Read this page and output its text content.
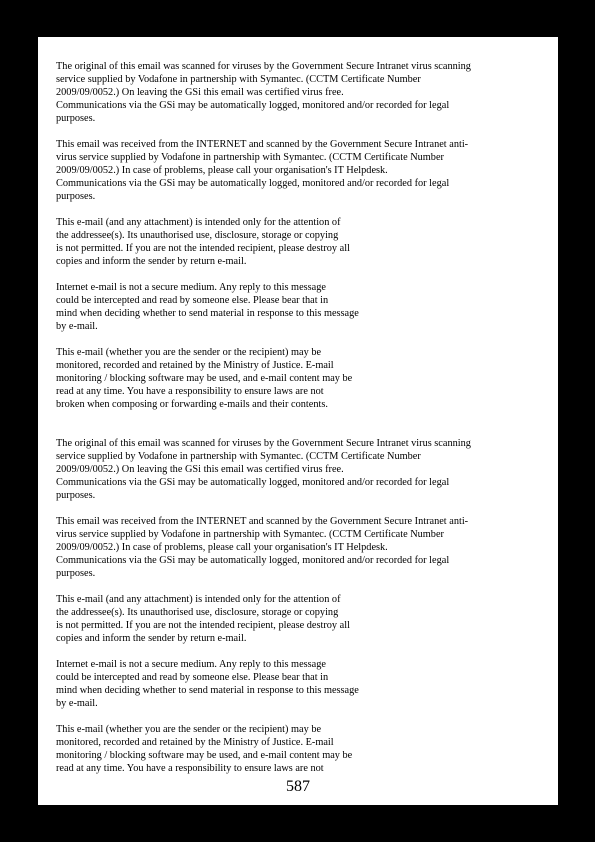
The original of this email was scanned for viruses by the Government Secure Intranet virus scanning
service supplied by Vodafone in partnership with Symantec. (CCTM Certificate Number
2009/09/0052.) On leaving the GSi this email was certified virus free.
Communications via the GSi may be automatically logged, monitored and/or recorded for legal
purposes.
This email was received from the INTERNET and scanned by the Government Secure Intranet anti-
virus service supplied by Vodafone in partnership with Symantec. (CCTM Certificate Number
2009/09/0052.) In case of problems, please call your organisation's IT Helpdesk.
Communications via the GSi may be automatically logged, monitored and/or recorded for legal
purposes.
This e-mail (and any attachment) is intended only for the attention of
the addressee(s). Its unauthorised use, disclosure, storage or copying
is not permitted. If you are not the intended recipient, please destroy all
copies and inform the sender by return e-mail.
Internet e-mail is not a secure medium. Any reply to this message
could be intercepted and read by someone else. Please bear that in
mind when deciding whether to send material in response to this message
by e-mail.
This e-mail (whether you are the sender or the recipient) may be
monitored, recorded and retained by the Ministry of Justice. E-mail
monitoring / blocking software may be used, and e-mail content may be
read at any time. You have a responsibility to ensure laws are not
broken when composing or forwarding e-mails and their contents.
The original of this email was scanned for viruses by the Government Secure Intranet virus scanning
service supplied by Vodafone in partnership with Symantec. (CCTM Certificate Number
2009/09/0052.) On leaving the GSi this email was certified virus free.
Communications via the GSi may be automatically logged, monitored and/or recorded for legal
purposes.
This email was received from the INTERNET and scanned by the Government Secure Intranet anti-
virus service supplied by Vodafone in partnership with Symantec. (CCTM Certificate Number
2009/09/0052.) In case of problems, please call your organisation's IT Helpdesk.
Communications via the GSi may be automatically logged, monitored and/or recorded for legal
purposes.
This e-mail (and any attachment) is intended only for the attention of
the addressee(s). Its unauthorised use, disclosure, storage or copying
is not permitted. If you are not the intended recipient, please destroy all
copies and inform the sender by return e-mail.
Internet e-mail is not a secure medium. Any reply to this message
could be intercepted and read by someone else. Please bear that in
mind when deciding whether to send material in response to this message
by e-mail.
This e-mail (whether you are the sender or the recipient) may be
monitored, recorded and retained by the Ministry of Justice. E-mail
monitoring / blocking software may be used, and e-mail content may be
read at any time. You have a responsibility to ensure laws are not
587
